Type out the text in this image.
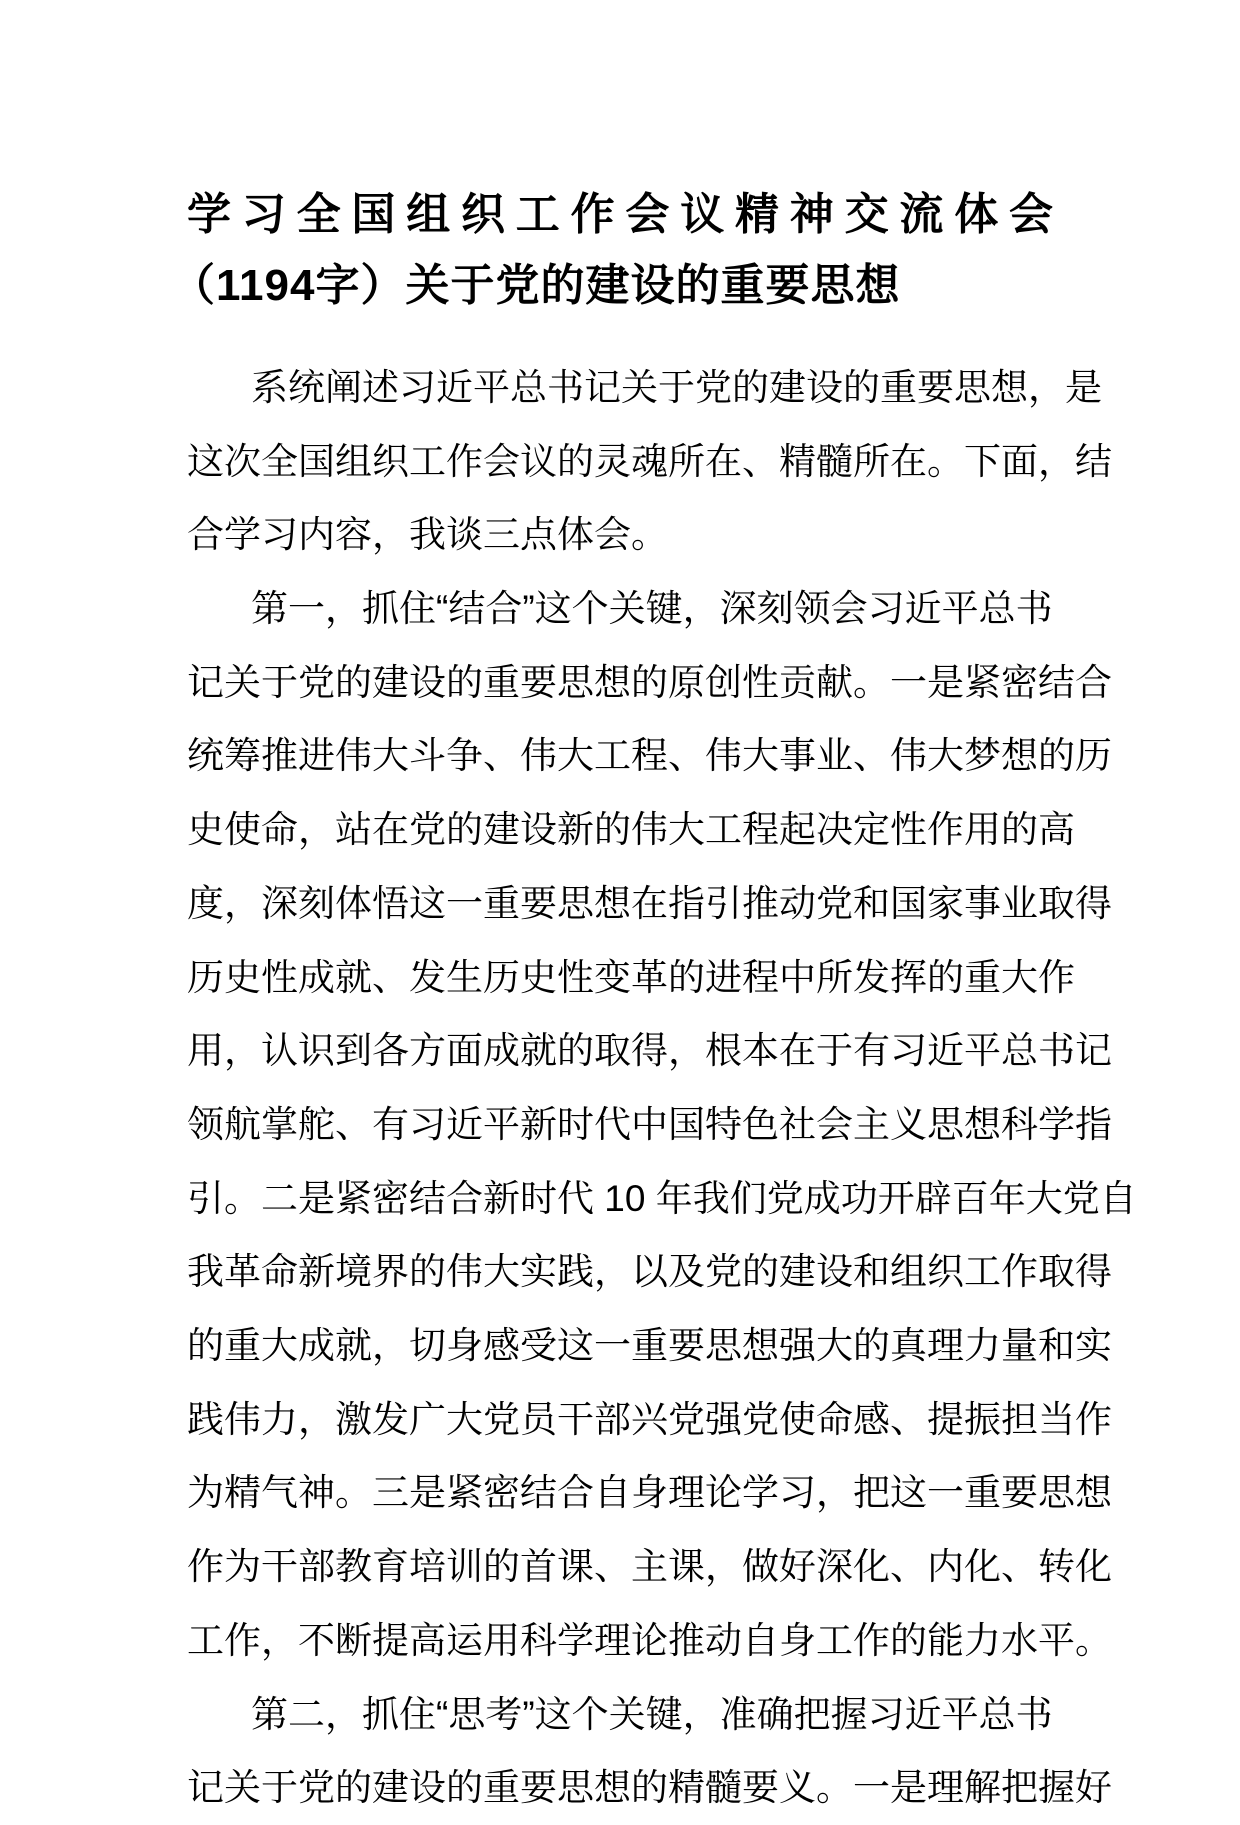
学习全国组织工作会议精神交流体会
（1194字）关于党的建设的重要思想
系统阐述习近平总书记关于党的建设的重要思想，是
这次全国组织工作会议的灵魂所在、精髓所在。下面，结
合学习内容，我谈三点体会。
第一，抓住“结合”这个关键，深刻领会习近平总书
记关于党的建设的重要思想的原创性贡献。一是紧密结合
统筹推进伟大斗争、伟大工程、伟大事业、伟大梦想的历
史使命，站在党的建设新的伟大工程起决定性作用的高
度，深刻体悟这一重要思想在指引推动党和国家事业取得
历史性成就、发生历史性变革的进程中所发挥的重大作
用，认识到各方面成就的取得，根本在于有习近平总书记
领航掌舵、有习近平新时代中国特色社会主义思想科学指
引。二是紧密结合新时代 10 年我们党成功开辟百年大党自
我革命新境界的伟大实践，以及党的建设和组织工作取得
的重大成就，切身感受这一重要思想强大的真理力量和实
践伟力，激发广大党员干部兴党强党使命感、提振担当作
为精气神。三是紧密结合自身理论学习，把这一重要思想
作为干部教育培训的首课、主课，做好深化、内化、转化
工作，不断提高运用科学理论推动自身工作的能力水平。
第二，抓住“思考”这个关键，准确把握习近平总书
记关于党的建设的重要思想的精髓要义。一是理解把握好
